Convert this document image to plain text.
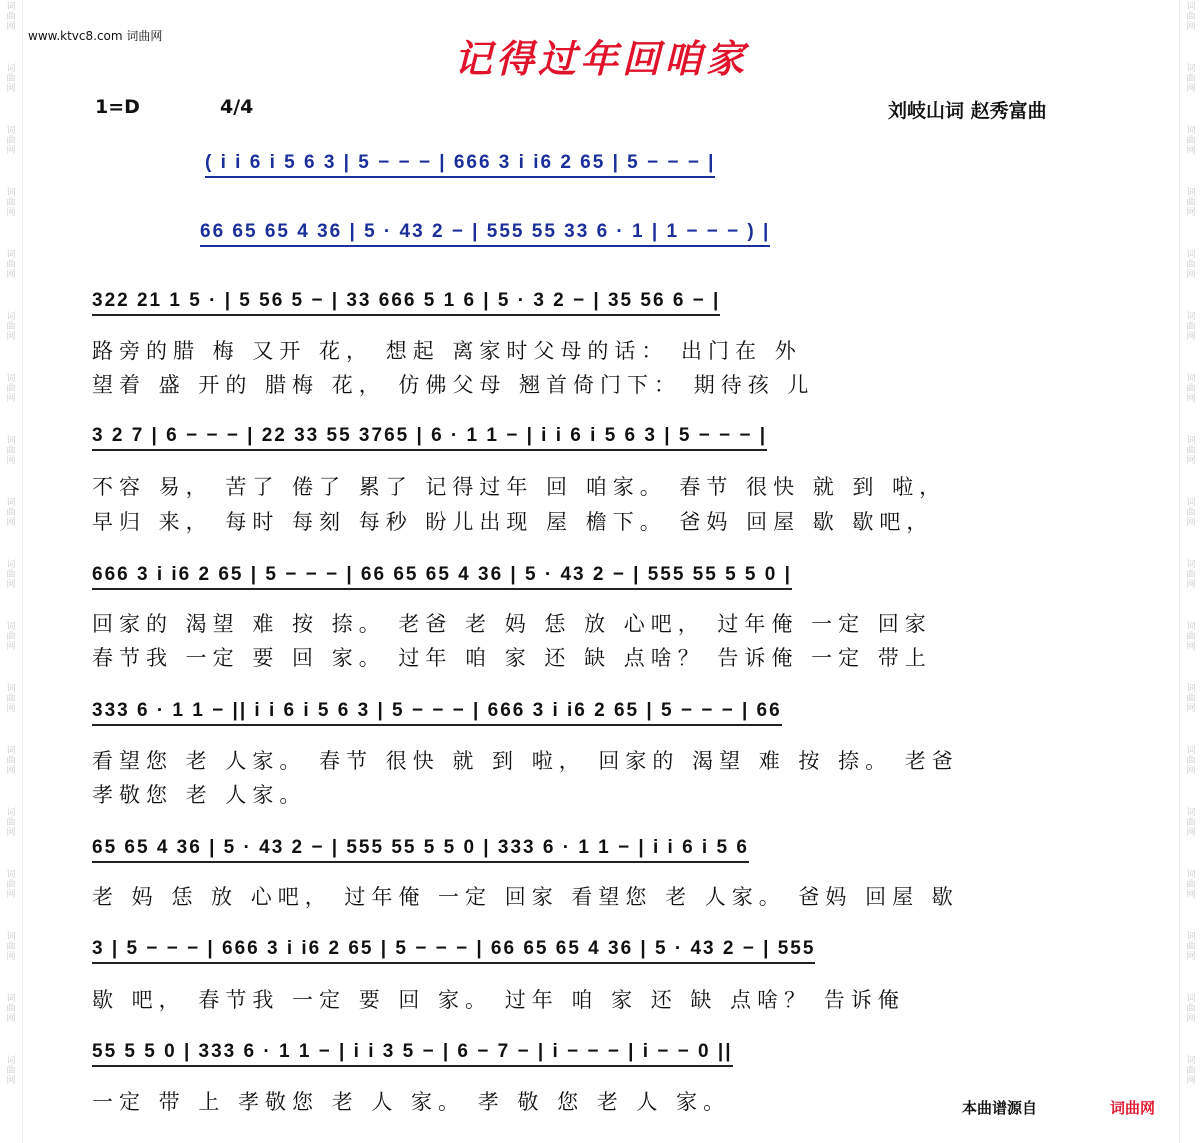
词
曲
网
词
曲
网
词
曲
网
词
曲
网
词
曲
网
词
曲
网
词
曲
网
词
曲
网
词
曲
网
词
曲
网
词
曲
网
词
曲
网
词
曲
网
词
曲
网
词
曲
网
词
曲
网
词
曲
网
词
曲
网
词
曲
网
词
曲
网
词
曲
网
词
曲
网
词
曲
网
词
曲
网
词
曲
网
词
曲
网
词
曲
网
词
曲
网
词
曲
网
词
曲
网
词
曲
网
词
曲
网
词
曲
网
词
曲
网
词
曲
网
词
曲
网
www.ktvc8.com 词曲网	记得过年回咱家
1=D	4/4	刘岐山词 赵秀富曲
( i i 6 i 5 6 3 | 5 − − − | 666 3 i i6 2 65 | 5 − − − |
66 65 65 4 36 | 5 · 43 2 − | 555 55 33 6 · 1 | 1 − − − ) |
322 21 1 5 · | 5 56 5 − | 33 666 5 1 6 | 5 · 3 2 − | 35 56 6 − |
路旁的腊 梅 又开 花， 想起 离家时父母的话： 出门在 外
望着 盛 开的 腊梅 花， 仿佛父母 翘首倚门下： 期待孩 儿
3 2 7 | 6 − − − | 22 33 55 3765 | 6 · 1 1 − | i i 6 i 5 6 3 | 5 − − − |
不容 易， 苦了 倦了 累了 记得过年 回 咱家。 春节 很快 就 到 啦，
早归 来， 每时 每刻 每秒 盼儿出现 屋 檐下。 爸妈 回屋 歇 歇吧，
666 3 i i6 2 65 | 5 − − − | 66 65 65 4 36 | 5 · 43 2 − | 555 55 5 5 0 |
回家的 渴望 难 按 捺。 老爸 老 妈 恁 放 心吧， 过年俺 一定 回家
春节我 一定 要 回 家。 过年 咱 家 还 缺 点啥？ 告诉俺 一定 带上
333 6 · 1 1 − || i i 6 i 5 6 3 | 5 − − − | 666 3 i i6 2 65 | 5 − − − | 66
看望您 老 人家。 春节 很快 就 到 啦， 回家的 渴望 难 按 捺。 老爸
孝敬您 老 人家。
65 65 4 36 | 5 · 43 2 − | 555 55 5 5 0 | 333 6 · 1 1 − | i i 6 i 5 6
老 妈 恁 放 心吧， 过年俺 一定 回家 看望您 老 人家。 爸妈 回屋 歇
3 | 5 − − − | 666 3 i i6 2 65 | 5 − − − | 66 65 65 4 36 | 5 · 43 2 − | 555
歇 吧， 春节我 一定 要 回 家。 过年 咱 家 还 缺 点啥？ 告诉俺
55 5 5 0 | 333 6 · 1 1 − | i i 3 5 − | 6 − 7 − | i − − − | i − − 0 ||
一定 带 上 孝敬您 老 人 家。 孝 敬 您 老 人 家。	本曲谱源自	词曲网
